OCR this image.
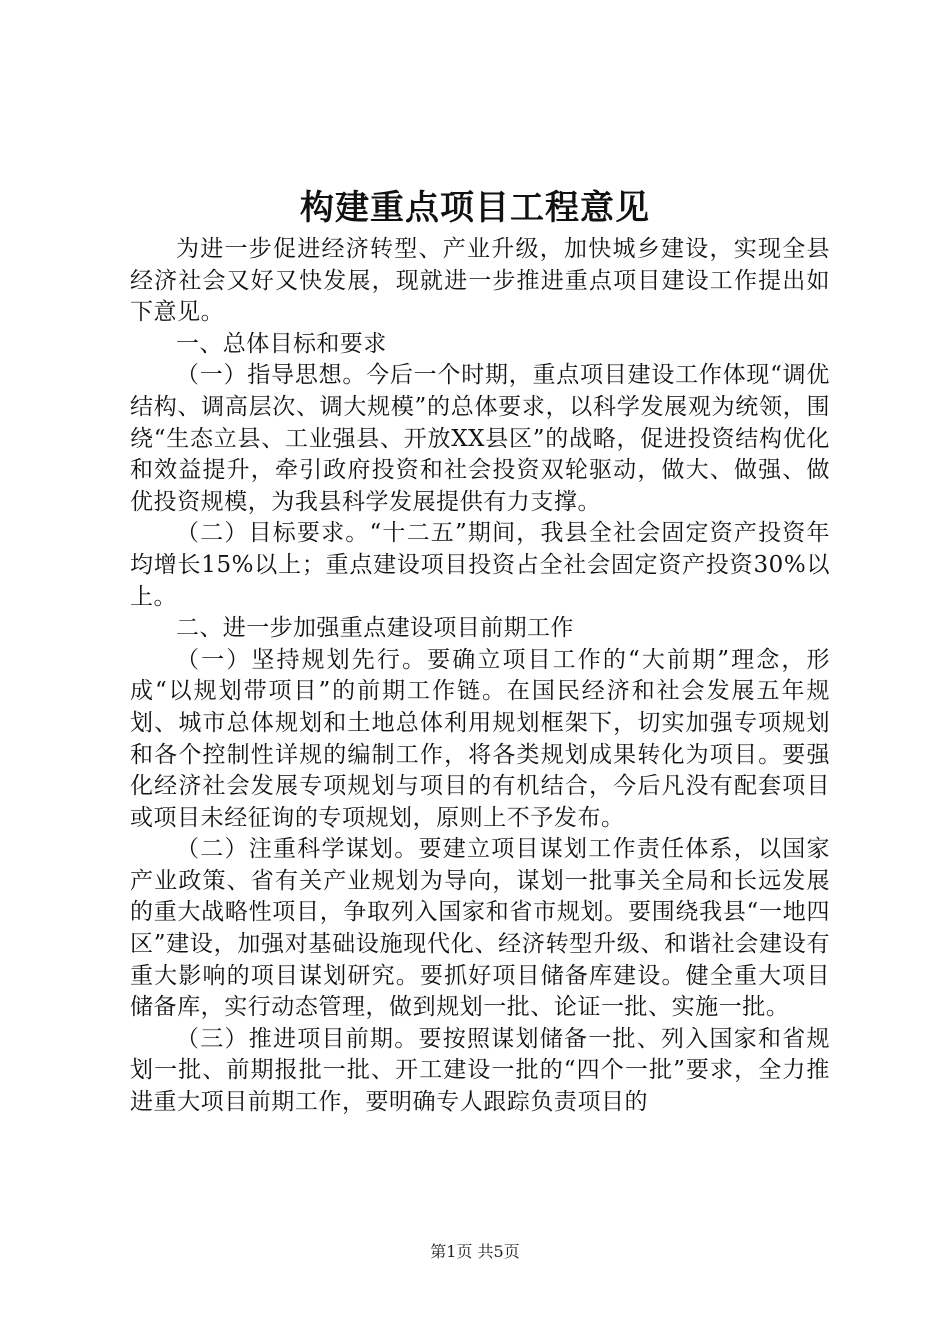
构建重点项目工程意见

为进一步促进经济转型、产业升级，加快城乡建设，实现全县经济社会又好又快发展，现就进一步推进重点项目建设工作提出如下意见。

一、总体目标和要求

（一）指导思想。今后一个时期，重点项目建设工作体现“调优结构、调高层次、调大规模”的总体要求，以科学发展观为统领，围绕“生态立县、工业强县、开放XX县区”的战略，促进投资结构优化和效益提升，牵引政府投资和社会投资双轮驱动，做大、做强、做优投资规模，为我县科学发展提供有力支撑。

（二）目标要求。“十二五”期间，我县全社会固定资产投资年均增长15%以上；重点建设项目投资占全社会固定资产投资30%以上。

二、进一步加强重点建设项目前期工作

（一）坚持规划先行。要确立项目工作的“大前期”理念，形成“以规划带项目”的前期工作链。在国民经济和社会发展五年规划、城市总体规划和土地总体利用规划框架下，切实加强专项规划和各个控制性详规的编制工作，将各类规划成果转化为项目。要强化经济社会发展专项规划与项目的有机结合，今后凡没有配套项目或项目未经征询的专项规划，原则上不予发布。

（二）注重科学谋划。要建立项目谋划工作责任体系，以国家产业政策、省有关产业规划为导向，谋划一批事关全局和长远发展的重大战略性项目，争取列入国家和省市规划。要围绕我县“一地四区”建设，加强对基础设施现代化、经济转型升级、和谐社会建设有重大影响的项目谋划研究。要抓好项目储备库建设。健全重大项目储备库，实行动态管理，做到规划一批、论证一批、实施一批。

（三）推进项目前期。要按照谋划储备一批、列入国家和省规划一批、前期报批一批、开工建设一批的“四个一批”要求，全力推进重大项目前期工作，要明确专人跟踪负责项目的

第1页 共5页
